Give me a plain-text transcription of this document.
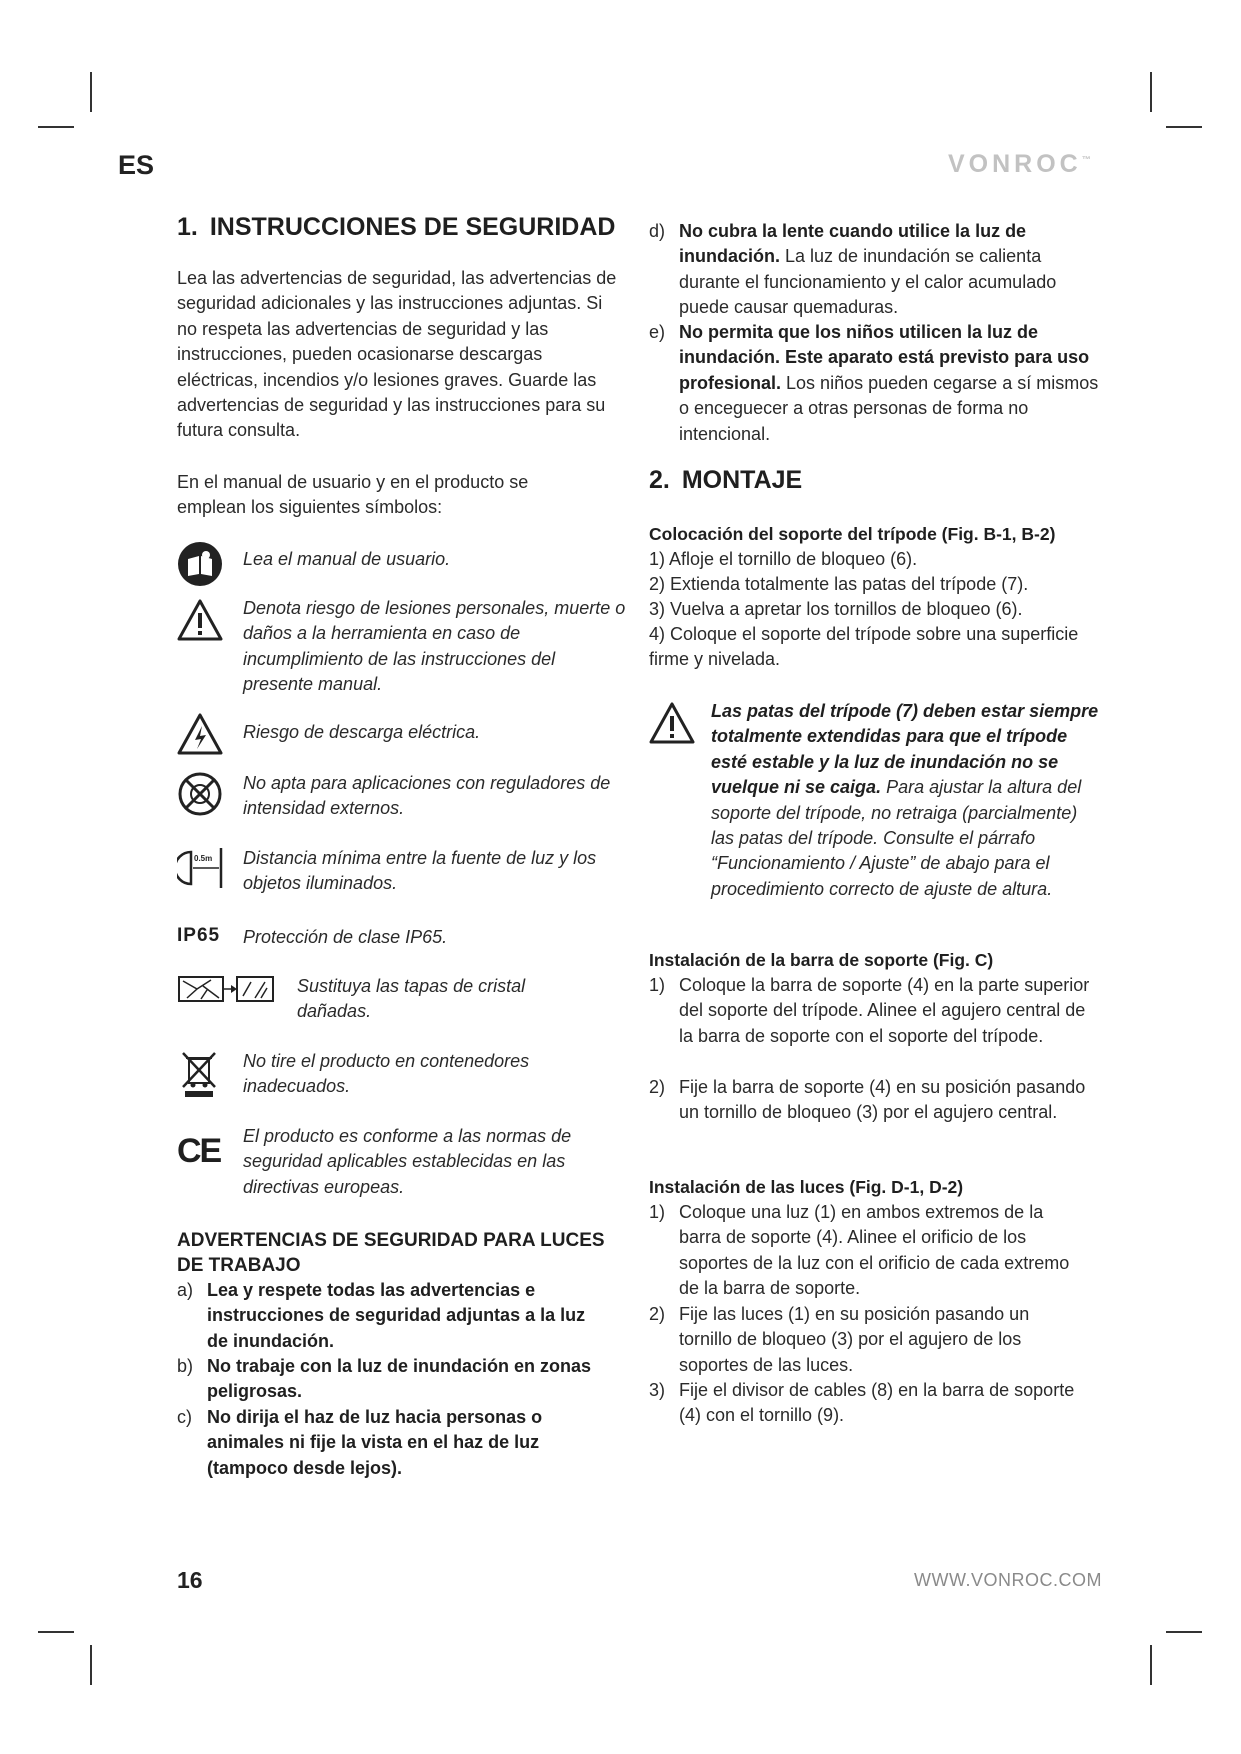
ES	VONROC™
1. INSTRUCCIONES DE SEGURIDAD

Lea las advertencias de seguridad, las advertencias de seguridad adicionales y las instrucciones adjuntas. Si no respeta las advertencias de seguridad y las instrucciones, pueden ocasionarse descargas eléctricas, incendios y/o lesiones graves. Guarde las advertencias de seguridad y las instrucciones para su futura consulta.

En el manual de usuario y en el producto se emplean los siguientes símbolos:

Lea el manual de usuario.

Denota riesgo de lesiones personales, muerte o daños a la herramienta en caso de incumplimiento de las instrucciones del presente manual.

Riesgo de descarga eléctrica.

No apta para aplicaciones con reguladores de intensidad externos.

0.5m Distancia mínima entre la fuente de luz y los objetos iluminados.

IP65 Protección de clase IP65.

Sustituya las tapas de cristal dañadas.

No tire el producto en contenedores inadecuados.

CE El producto es conforme a las normas de seguridad aplicables establecidas en las directivas europeas.

ADVERTENCIAS DE SEGURIDAD PARA LUCES DE TRABAJO
a) Lea y respete todas las advertencias e instrucciones de seguridad adjuntas a la luz de inundación.
b) No trabaje con la luz de inundación en zonas peligrosas.
c) No dirija el haz de luz hacia personas o animales ni fije la vista en el haz de luz (tampoco desde lejos).
d) No cubra la lente cuando utilice la luz de inundación. La luz de inundación se calienta durante el funcionamiento y el calor acumulado puede causar quemaduras.
e) No permita que los niños utilicen la luz de inundación. Este aparato está previsto para uso profesional. Los niños pueden cegarse a sí mismos o enceguecer a otras personas de forma no intencional.
2. MONTAJE

Colocación del soporte del trípode (Fig. B-1, B-2)

1) Afloje el tornillo de bloqueo (6).

2) Extienda totalmente las patas del trípode (7).

3) Vuelva a apretar los tornillos de bloqueo (6).

4) Coloque el soporte del trípode sobre una superficie firme y nivelada.

Las patas del trípode (7) deben estar siempre totalmente extendidas para que el trípode esté estable y la luz de inundación no se vuelque ni se caiga. Para ajustar la altura del soporte del trípode, no retraiga (parcialmente) las patas del trípode. Consulte el párrafo “Funcionamiento / Ajuste” de abajo para el procedimiento correcto de ajuste de altura.

Instalación de la barra de soporte (Fig. C)

1) Coloque la barra de soporte (4) en la parte superior del soporte del trípode. Alinee el agujero central de la barra de soporte con el soporte del trípode.
2) Fije la barra de soporte (4) en su posición pasando un tornillo de bloqueo (3) por el agujero central.

Instalación de las luces (Fig. D-1, D-2)

1) Coloque una luz (1) en ambos extremos de la barra de soporte (4). Alinee el orificio de los soportes de la luz con el orificio de cada extremo de la barra de soporte.
2) Fije las luces (1) en su posición pasando un tornillo de bloqueo (3) por el agujero de los soportes de las luces.
3) Fije el divisor de cables (8) en la barra de soporte (4) con el tornillo (9).
16	WWW.VONROC.COM
